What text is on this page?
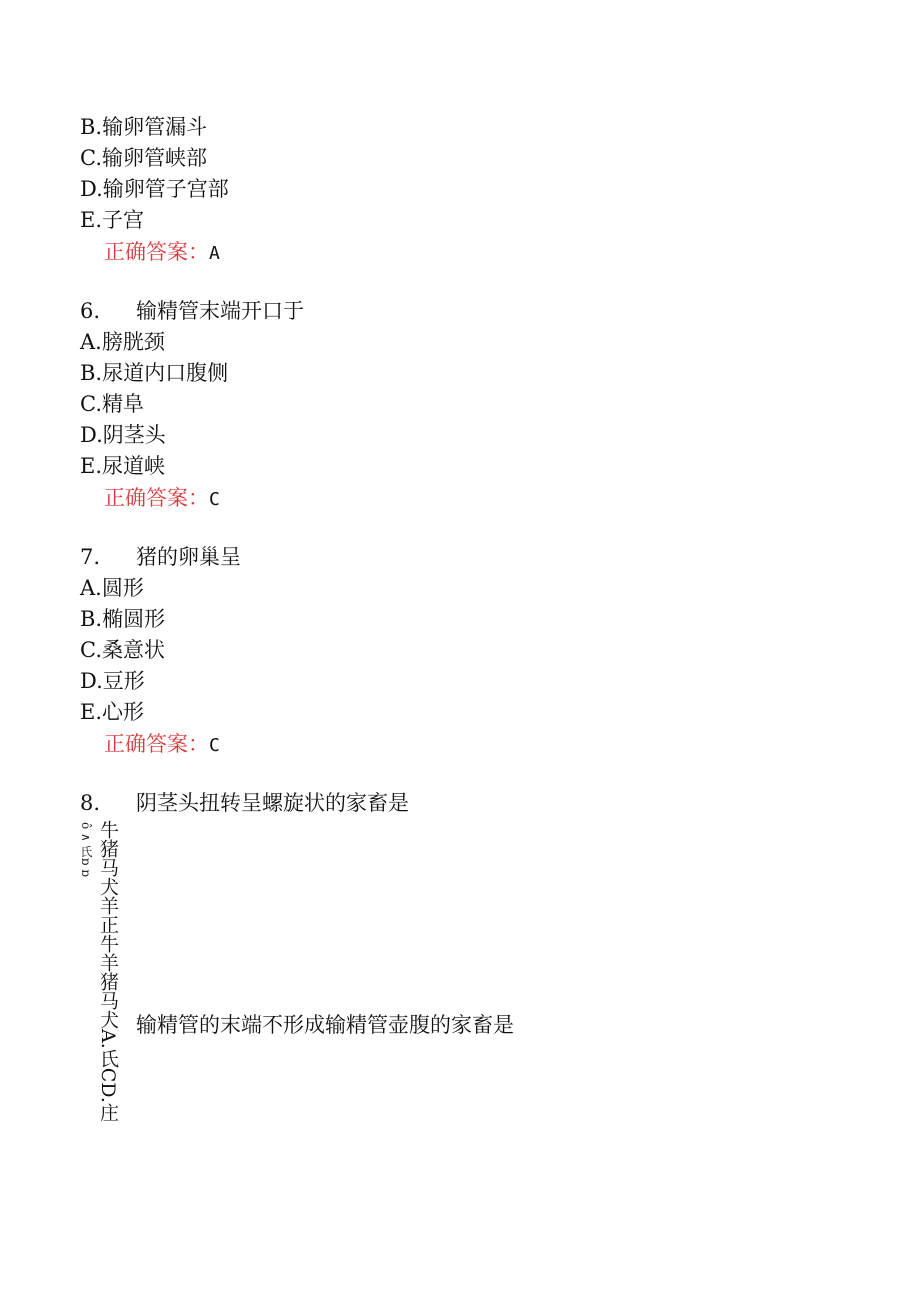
B.输卵管漏斗
C.输卵管峡部
D.输卵管子宫部
E.子宫
正确答案：A
6. 输精管末端开口于
A.膀胱颈
B.尿道内口腹侧
C.精阜
D.阴茎头
E.尿道峡
正确答案：C
7. 猪的卵巢呈
A.圆形
B.椭圆形
C.桑意状
D.豆形
E.心形
正确答案：C
8. 阴茎头扭转呈螺旋状的家畜是
ô ∧ 氏ɒ ɒ 牛猪马犬羊正牛羊猪马犬A.氏CD.庄 输精管的末端不形成输精管壶腹的家畜是
